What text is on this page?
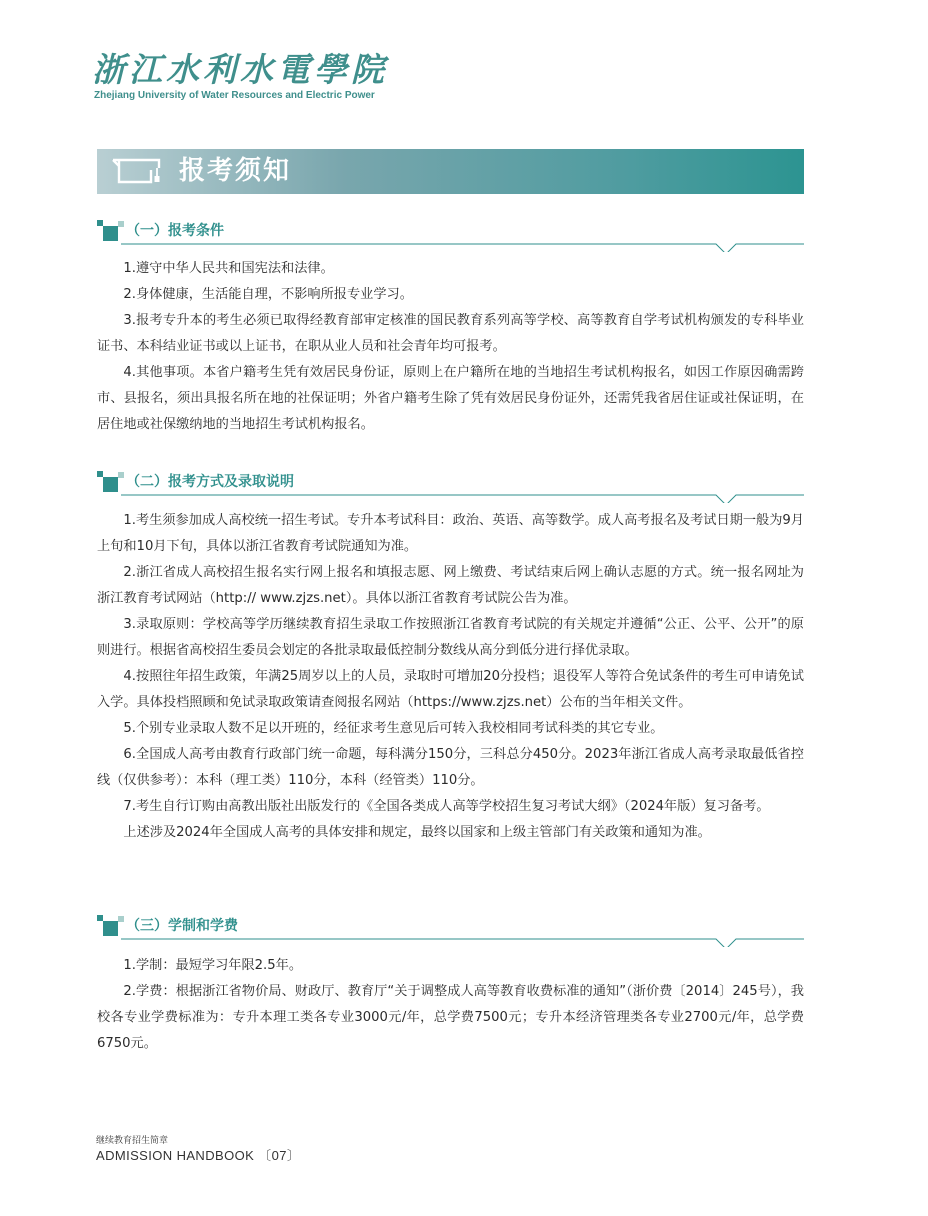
浙江水利水電學院
Zhejiang University of Water Resources and Electric Power
报考须知
（一）报考条件

1.遵守中华人民共和国宪法和法律。

2.身体健康，生活能自理，不影响所报专业学习。

3.报考专升本的考生必须已取得经教育部审定核准的国民教育系列高等学校、高等教育自学考试机构颁发的专科毕业证书、本科结业证书或以上证书，在职从业人员和社会青年均可报考。

4.其他事项。本省户籍考生凭有效居民身份证，原则上在户籍所在地的当地招生考试机构报名，如因工作原因确需跨市、县报名，须出具报名所在地的社保证明；外省户籍考生除了凭有效居民身份证外，还需凭我省居住证或社保证明，在居住地或社保缴纳地的当地招生考试机构报名。

（二）报考方式及录取说明

1.考生须参加成人高校统一招生考试。专升本考试科目：政治、英语、高等数学。成人高考报名及考试日期一般为9月上旬和10月下旬，具体以浙江省教育考试院通知为准。

2.浙江省成人高校招生报名实行网上报名和填报志愿、网上缴费、考试结束后网上确认志愿的方式。统一报名网址为浙江教育考试网站（http:// www.zjzs.net）。具体以浙江省教育考试院公告为准。

3.录取原则：学校高等学历继续教育招生录取工作按照浙江省教育考试院的有关规定并遵循“公正、公平、公开”的原则进行。根据省高校招生委员会划定的各批录取最低控制分数线从高分到低分进行择优录取。

4.按照往年招生政策，年满25周岁以上的人员，录取时可增加20分投档；退役军人等符合免试条件的考生可申请免试入学。具体投档照顾和免试录取政策请查阅报名网站（https://www.zjzs.net）公布的当年相关文件。

5.个别专业录取人数不足以开班的，经征求考生意见后可转入我校相同考试科类的其它专业。

6.全国成人高考由教育行政部门统一命题，每科满分150分，三科总分450分。2023年浙江省成人高考录取最低省控线（仅供参考）：本科（理工类）110分，本科（经管类）110分。

7.考生自行订购由高教出版社出版发行的《全国各类成人高等学校招生复习考试大纲》（2024年版）复习备考。

上述涉及2024年全国成人高考的具体安排和规定，最终以国家和上级主管部门有关政策和通知为准。

（三）学制和学费

1.学制：最短学习年限2.5年。

2.学费：根据浙江省物价局、财政厅、教育厅“关于调整成人高等教育收费标准的通知”（浙价费〔2014〕245号），我校各专业学费标准为：专升本理工类各专业3000元/年，总学费7500元；专升本经济管理类各专业2700元/年，总学费6750元。

继续教育招生简章
ADMISSION HANDBOOK 〔07〕
